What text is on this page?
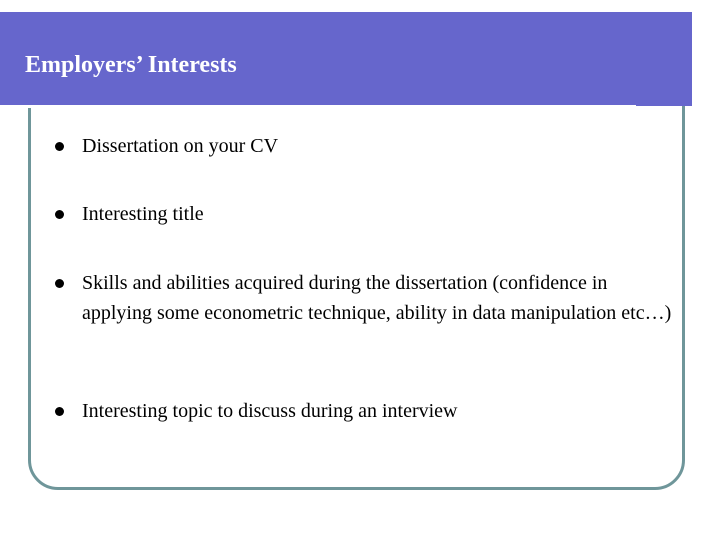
Employers’ Interests
Dissertation on your CV
Interesting title
Skills and abilities acquired during the dissertation (confidence in applying some econometric technique, ability in data manipulation etc…)
Interesting topic to discuss during an interview
